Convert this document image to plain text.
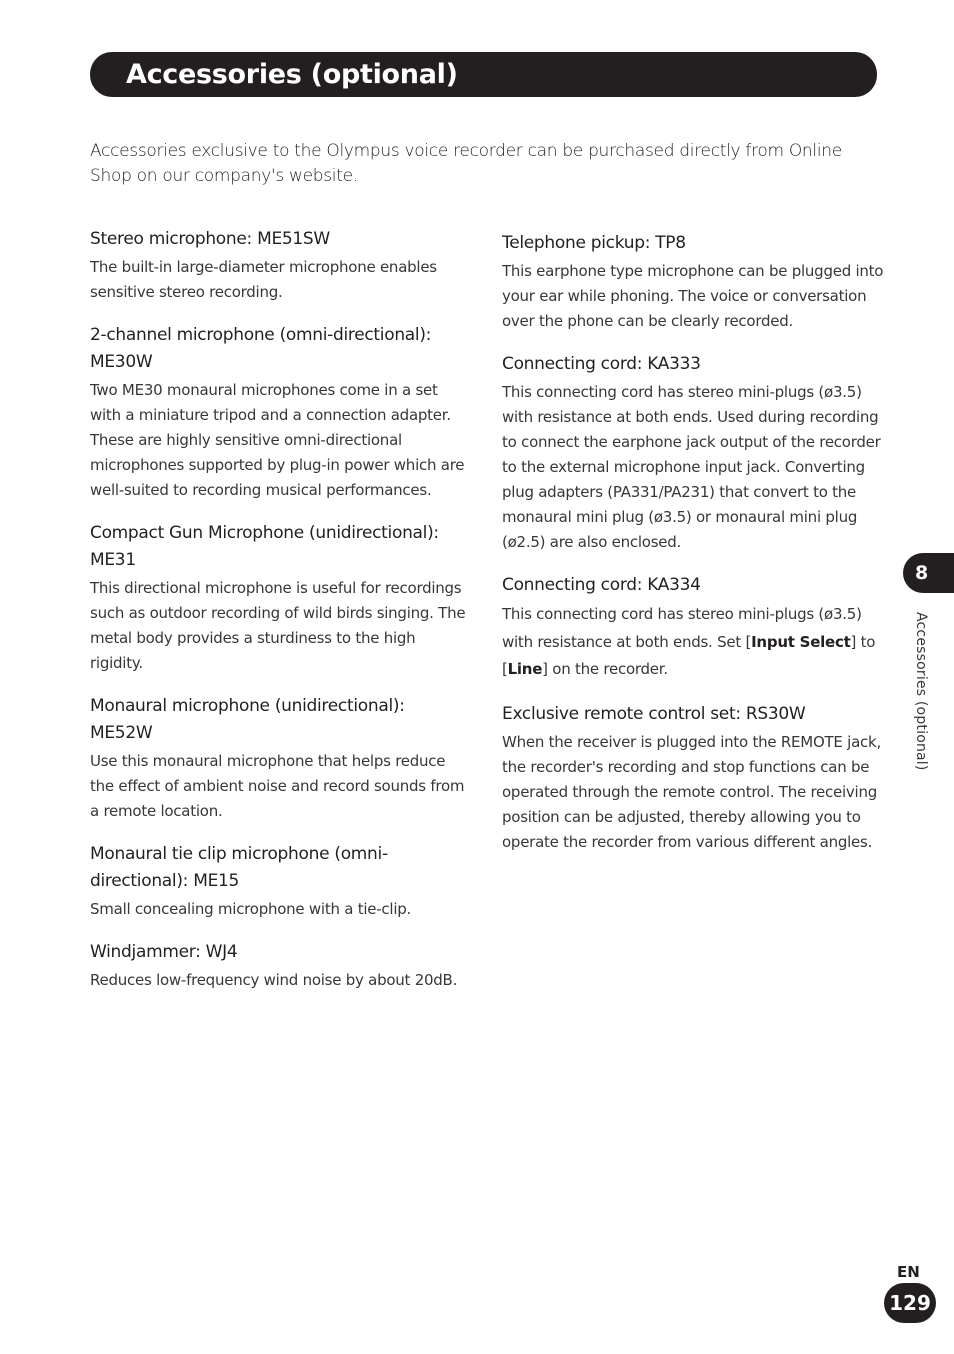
Accessories (optional)
Accessories exclusive to the Olympus voice recorder can be purchased directly from Online Shop on our company's website.
Stereo microphone: ME51SW
The built-in large-diameter microphone enables sensitive stereo recording.
2-channel microphone (omni-directional): ME30W
Two ME30 monaural microphones come in a set with a miniature tripod and a connection adapter. These are highly sensitive omni-directional microphones supported by plug-in power which are well-suited to recording musical performances.
Compact Gun Microphone (unidirectional): ME31
This directional microphone is useful for recordings such as outdoor recording of wild birds singing. The metal body provides a sturdiness to the high rigidity.
Monaural microphone (unidirectional): ME52W
Use this monaural microphone that helps reduce the effect of ambient noise and record sounds from a remote location.
Monaural tie clip microphone (omni-directional): ME15
Small concealing microphone with a tie-clip.
Windjammer: WJ4
Reduces low-frequency wind noise by about 20dB.
Telephone pickup: TP8
This earphone type microphone can be plugged into your ear while phoning. The voice or conversation over the phone can be clearly recorded.
Connecting cord: KA333
This connecting cord has stereo mini-plugs (ø3.5) with resistance at both ends. Used during recording to connect the earphone jack output of the recorder to the external microphone input jack. Converting plug adapters (PA331/PA231) that convert to the monaural mini plug (ø3.5) or monaural mini plug (ø2.5) are also enclosed.
Connecting cord: KA334
This connecting cord has stereo mini-plugs (ø3.5) with resistance at both ends. Set [Input Select] to [Line] on the recorder.
Exclusive remote control set: RS30W
When the receiver is plugged into the REMOTE jack, the recorder's recording and stop functions can be operated through the remote control. The receiving position can be adjusted, thereby allowing you to operate the recorder from various different angles.
8
Accessories (optional)
EN
129
